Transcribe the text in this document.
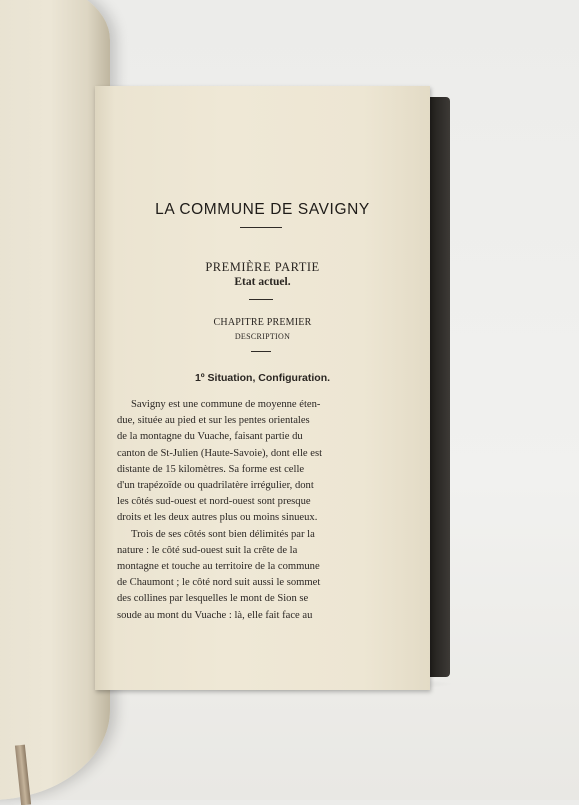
LA COMMUNE DE SAVIGNY
PREMIÈRE PARTIE
Etat actuel.
CHAPITRE PREMIER
DESCRIPTION
1º Situation, Configuration.
Savigny est une commune de moyenne éten-
due, située au pied et sur les pentes orientales
de la montagne du Vuache, faisant partie du
canton de St-Julien (Haute-Savoie), dont elle est
distante de 15 kilomètres. Sa forme est celle
d'un trapézoïde ou quadrilatère irrégulier, dont
les côtés sud-ouest et nord-ouest sont presque
droits et les deux autres plus ou moins sinueux.
Trois de ses côtés sont bien délimités par la
nature : le côté sud-ouest suit la crête de la
montagne et touche au territoire de la commune
de Chaumont ; le côté nord suit aussi le sommet
des collines par lesquelles le mont de Sion se
soude au mont du Vuache : là, elle fait face au
